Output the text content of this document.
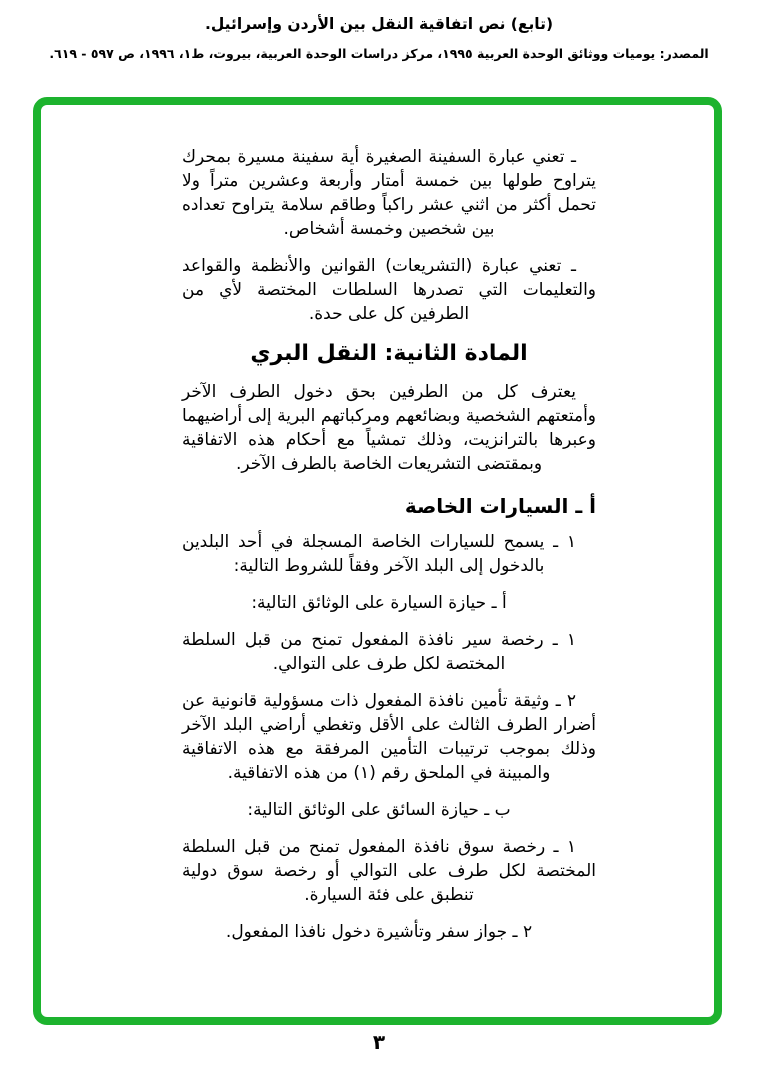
(تابع) نص اتفاقية النقل بين الأردن وإسرائيل.

المصدر: يوميات ووثائق الوحدة العربية ١٩٩٥، مركز دراسات الوحدة العربية، بيروت، ط١، ١٩٩٦، ص ٥٩٧ - ٦١٩.

ـ تعني عبارة السفينة الصغيرة أية سفينة مسيرة بمحرك يتراوح طولها بين خمسة أمتار وأربعة وعشرين متراً ولا تحمل أكثر من اثني عشر راكباً وطاقم سلامة يتراوح تعداده بين شخصين وخمسة أشخاص.

ـ تعني عبارة (التشريعات) القوانين والأنظمة والقواعد والتعليمات التي تصدرها السلطات المختصة لأي من الطرفين كل على حدة.

المادة الثانية: النقل البري

يعترف كل من الطرفين بحق دخول الطرف الآخر وأمتعتهم الشخصية وبضائعهم ومركباتهم البرية إلى أراضيهما وعبرها بالترانزيت، وذلك تمشياً مع أحكام هذه الاتفاقية وبمقتضى التشريعات الخاصة بالطرف الآخر.

أ ـ السيارات الخاصة

١ ـ يسمح للسيارات الخاصة المسجلة في أحد البلدين بالدخول إلى البلد الآخر وفقاً للشروط التالية:

أ ـ حيازة السيارة على الوثائق التالية:

١ ـ رخصة سير نافذة المفعول تمنح من قبل السلطة المختصة لكل طرف على التوالي.

٢ ـ وثيقة تأمين نافذة المفعول ذات مسؤولية قانونية عن أضرار الطرف الثالث على الأقل وتغطي أراضي البلد الآخر وذلك بموجب ترتيبات التأمين المرفقة مع هذه الاتفاقية والمبينة في الملحق رقم (١) من هذه الاتفاقية.

ب ـ حيازة السائق على الوثائق التالية:

١ ـ رخصة سوق نافذة المفعول تمنح من قبل السلطة المختصة لكل طرف على التوالي أو رخصة سوق دولية تنطبق على فئة السيارة.

٢ ـ جواز سفر وتأشيرة دخول نافذا المفعول.

٣
